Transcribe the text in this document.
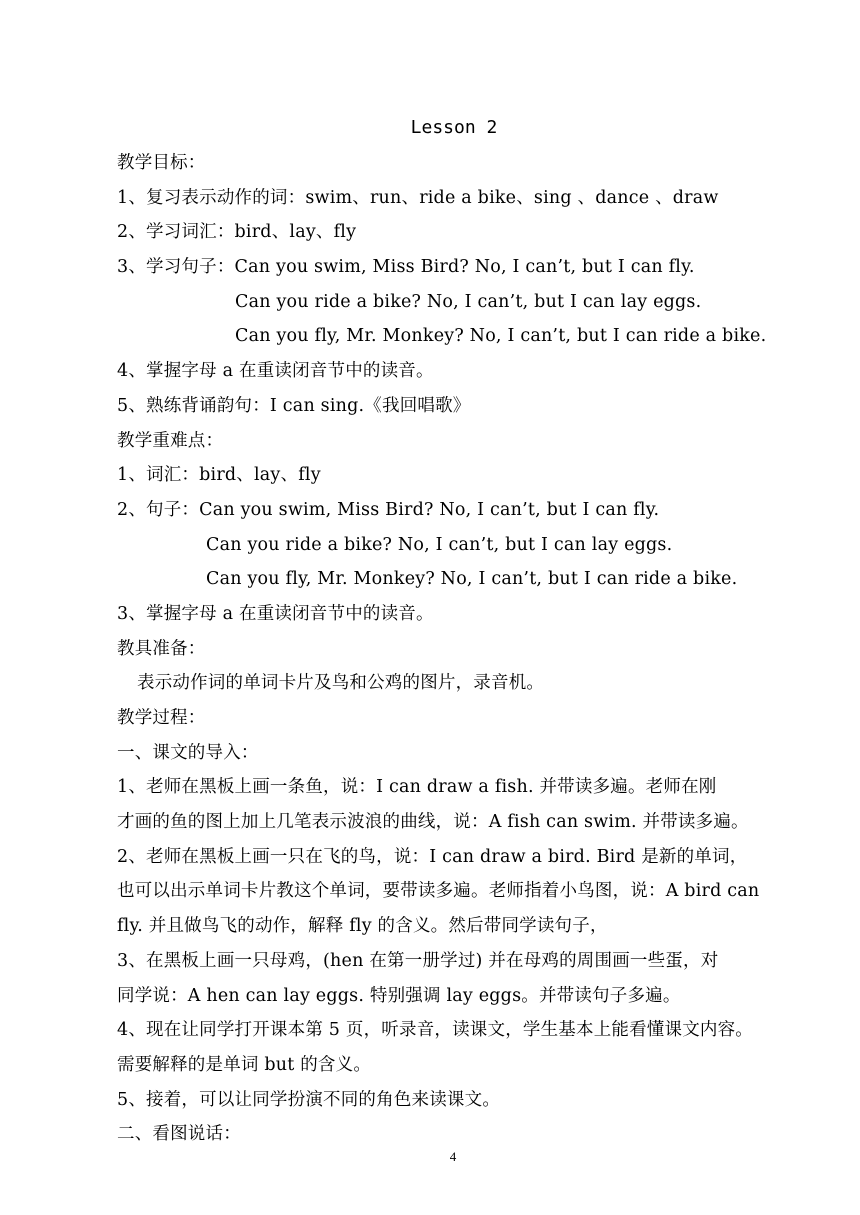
Lesson 2
教学目标：
1、复习表示动作的词：swim、run、ride a bike、sing 、dance 、draw
2、学习词汇：bird、lay、fly
3、学习句子：Can you swim, Miss Bird? No, I can’t, but I can fly.
Can you ride a bike? No, I can’t, but I can lay eggs.
Can you fly, Mr. Monkey? No, I can’t, but I can ride a bike.
4、掌握字母 a 在重读闭音节中的读音。
5、熟练背诵韵句：I can sing.《我回唱歌》
教学重难点：
1、词汇：bird、lay、fly
2、句子：Can you swim, Miss Bird? No, I can’t, but I can fly.
Can you ride a bike? No, I can’t, but I can lay eggs.
Can you fly, Mr. Monkey? No, I can’t, but I can ride a bike.
3、掌握字母 a 在重读闭音节中的读音。
教具准备：
表示动作词的单词卡片及鸟和公鸡的图片，录音机。
教学过程：
一、课文的导入：
1、老师在黑板上画一条鱼，说：I can draw a fish. 并带读多遍。老师在刚
才画的鱼的图上加上几笔表示波浪的曲线，说：A fish can swim. 并带读多遍。
2、老师在黑板上画一只在飞的鸟，说：I can draw a bird. Bird 是新的单词，
也可以出示单词卡片教这个单词，要带读多遍。老师指着小鸟图，说：A bird can
fly. 并且做鸟飞的动作，解释 fly 的含义。然后带同学读句子，
3、在黑板上画一只母鸡，(hen 在第一册学过) 并在母鸡的周围画一些蛋，对
同学说：A hen can lay eggs. 特别强调 lay eggs。并带读句子多遍。
4、现在让同学打开课本第 5 页，听录音，读课文，学生基本上能看懂课文内容。
需要解释的是单词 but 的含义。
5、接着，可以让同学扮演不同的角色来读课文。
二、看图说话：
4
